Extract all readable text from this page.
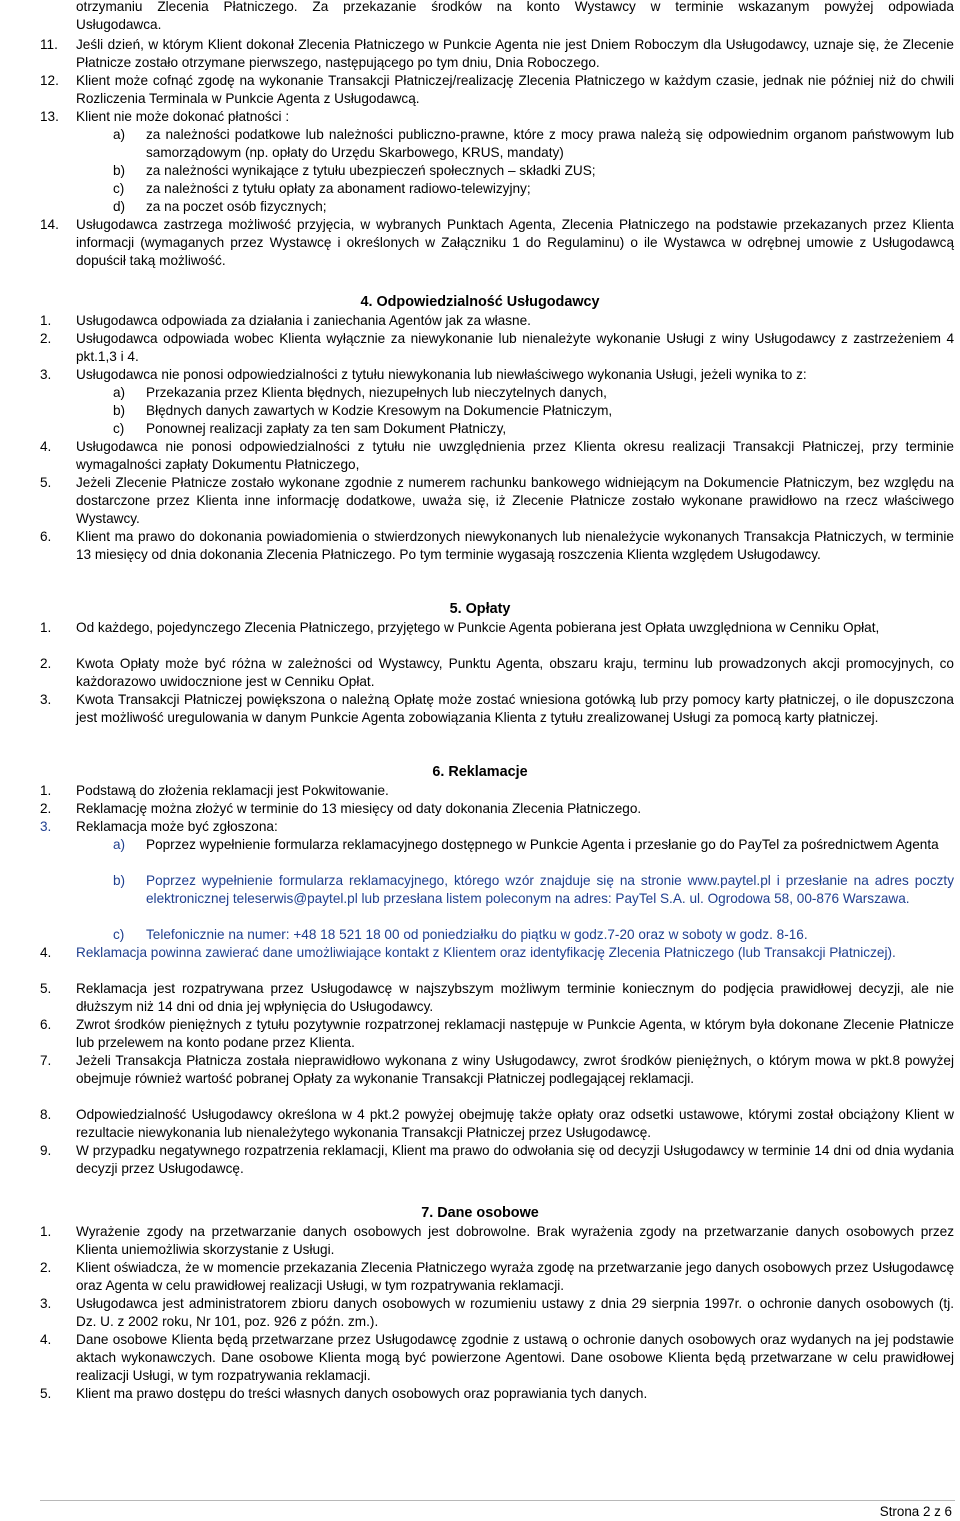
otrzymaniu Zlecenia Płatniczego. Za przekazanie środków na konto Wystawcy w terminie wskazanym powyżej odpowiada
Usługodawca.
11.	Jeśli dzień, w którym Klient dokonał Zlecenia Płatniczego w Punkcie Agenta nie jest Dniem Roboczym dla Usługodawcy, uznaje się, że Zlecenie Płatnicze zostało otrzymane pierwszego, następującego po tym dniu, Dnia Roboczego.
12.	Klient może cofnąć zgodę na wykonanie Transakcji Płatniczej/realizację Zlecenia Płatniczego w każdym czasie, jednak nie później niż do chwili Rozliczenia Terminala w Punkcie Agenta z Usługodawcą.
13.	Klient nie może dokonać płatności :
a)	za należności podatkowe lub należności publiczno-prawne, które z mocy prawa należą się odpowiednim organom państwowym lub samorządowym (np. opłaty do Urzędu Skarbowego, KRUS, mandaty)
b)	za należności wynikające z tytułu ubezpieczeń społecznych – składki ZUS;
c)	za należności z tytułu opłaty za abonament radiowo-telewizyjny;
d)	za na poczet osób fizycznych;
14.	Usługodawca zastrzega możliwość przyjęcia, w wybranych Punktach Agenta, Zlecenia Płatniczego na podstawie przekazanych przez Klienta informacji (wymaganych przez Wystawcę i określonych w Załączniku 1 do Regulaminu) o ile Wystawca w odrębnej umowie z Usługodawcą dopuścił taką możliwość.
4. Odpowiedzialność Usługodawcy
1.	Usługodawca odpowiada za działania i zaniechania Agentów jak za własne.
2.	Usługodawca odpowiada wobec Klienta wyłącznie za niewykonanie lub nienależyte wykonanie Usługi z winy Usługodawcy z zastrzeżeniem 4 pkt.1,3 i 4.
3.	Usługodawca nie ponosi odpowiedzialności z tytułu niewykonania lub niewłaściwego wykonania Usługi, jeżeli wynika to z:
a)	Przekazania przez Klienta błędnych, niezupełnych lub nieczytelnych danych,
b)	Błędnych danych zawartych w Kodzie Kresowym na Dokumencie Płatniczym,
c)	Ponownej realizacji zapłaty za ten sam Dokument Płatniczy,
4.	Usługodawca nie ponosi odpowiedzialności z tytułu nie uwzględnienia przez Klienta okresu realizacji Transakcji Płatniczej, przy terminie wymagalności zapłaty Dokumentu Płatniczego,
5.	Jeżeli Zlecenie Płatnicze zostało wykonane zgodnie z numerem rachunku bankowego widniejącym na Dokumencie Płatniczym, bez względu na dostarczone przez Klienta inne informację dodatkowe, uważa się, iż Zlecenie Płatnicze zostało wykonane prawidłowo na rzecz właściwego Wystawcy.
6.	Klient ma prawo do dokonania powiadomienia o stwierdzonych niewykonanych lub nienależycie wykonanych Transakcja Płatniczych, w terminie 13 miesięcy od dnia dokonania Zlecenia Płatniczego. Po tym terminie wygasają roszczenia Klienta względem Usługodawcy.
5. Opłaty
1.	Od każdego, pojedynczego Zlecenia Płatniczego, przyjętego w Punkcie Agenta pobierana jest Opłata uwzględniona w Cenniku Opłat,
2.	Kwota Opłaty może być różna w zależności od Wystawcy, Punktu Agenta, obszaru kraju, terminu lub prowadzonych akcji promocyjnych, co każdorazowo uwidocznione jest w Cenniku Opłat.
3.	Kwota Transakcji Płatniczej powiększona o należną Opłatę może zostać wniesiona gotówką lub przy pomocy karty płatniczej, o ile dopuszczona jest możliwość uregulowania w danym Punkcie Agenta zobowiązania Klienta z tytułu zrealizowanej Usługi za pomocą karty płatniczej.
6. Reklamacje
1.	Podstawą do złożenia reklamacji jest Pokwitowanie.
2.	Reklamację można złożyć w terminie do 13 miesięcy od daty dokonania Zlecenia Płatniczego.
3.	Reklamacja może być zgłoszona:
a)	Poprzez wypełnienie formularza reklamacyjnego dostępnego w Punkcie Agenta i przesłanie go do PayTel za pośrednictwem Agenta
b)	Poprzez wypełnienie formularza reklamacyjnego, którego wzór znajduje się na stronie www.paytel.pl i przesłanie na adres poczty elektronicznej teleserwis@paytel.pl lub przesłana listem poleconym na adres: PayTel S.A. ul. Ogrodowa 58, 00-876 Warszawa.
c)	Telefonicznie na numer: +48 18 521 18 00 od poniedziałku do piątku w godz.7-20 oraz w soboty w godz. 8-16.
4.	Reklamacja powinna zawierać dane umożliwiające kontakt z Klientem oraz identyfikację Zlecenia Płatniczego (lub Transakcji Płatniczej).
5.	Reklamacja jest rozpatrywana przez Usługodawcę w najszybszym możliwym terminie koniecznym do podjęcia prawidłowej decyzji, ale nie dłuższym niż 14 dni od dnia jej wpłynięcia do Usługodawcy.
6.	Zwrot środków pieniężnych z tytułu pozytywnie rozpatrzonej reklamacji następuje w Punkcie Agenta, w którym była dokonane Zlecenie Płatnicze lub przelewem na konto podane przez Klienta.
7.	Jeżeli Transakcja Płatnicza została nieprawidłowo wykonana z winy Usługodawcy, zwrot środków pieniężnych, o którym mowa w pkt.8 powyżej obejmuje również wartość pobranej Opłaty za wykonanie Transakcji Płatniczej podlegającej reklamacji.
8.	Odpowiedzialność Usługodawcy określona w 4 pkt.2 powyżej obejmuję także opłaty oraz odsetki ustawowe, którymi został obciążony Klient w rezultacie niewykonania lub nienależytego wykonania Transakcji Płatniczej przez Usługodawcę.
9.	W przypadku negatywnego rozpatrzenia reklamacji, Klient ma prawo do odwołania się od decyzji Usługodawcy w terminie 14 dni od dnia wydania decyzji przez Usługodawcę.
7. Dane osobowe
1.	Wyrażenie zgody na przetwarzanie danych osobowych jest dobrowolne. Brak wyrażenia zgody na przetwarzanie danych osobowych przez Klienta uniemożliwia skorzystanie z Usługi.
2.	Klient oświadcza, że w momencie przekazania Zlecenia Płatniczego wyraża zgodę na przetwarzanie jego danych osobowych przez Usługodawcę oraz Agenta w celu prawidłowej realizacji Usługi, w tym rozpatrywania reklamacji.
3.	Usługodawca jest administratorem zbioru danych osobowych w rozumieniu ustawy z dnia 29 sierpnia 1997r. o ochronie danych osobowych (tj. Dz. U. z 2002 roku, Nr 101, poz. 926 z późn. zm.).
4.	Dane osobowe Klienta będą przetwarzane przez Usługodawcę zgodnie z ustawą o ochronie danych osobowych oraz wydanych na jej podstawie aktach wykonawczych. Dane osobowe Klienta mogą być powierzone Agentowi. Dane osobowe Klienta będą przetwarzane w celu prawidłowej realizacji Usługi, w tym rozpatrywania reklamacji.
5.	Klient ma prawo dostępu do treści własnych danych osobowych oraz poprawiania tych danych.
Strona 2 z 6
